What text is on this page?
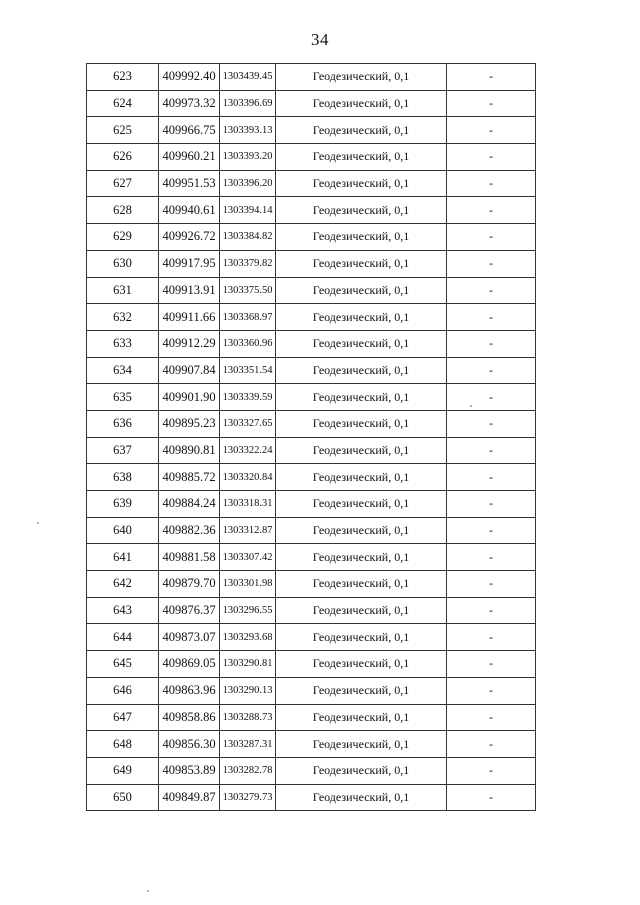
34
623	409992.40	1303439.45	Геодезический, 0,1	-
624	409973.32	1303396.69	Геодезический, 0,1	-
625	409966.75	1303393.13	Геодезический, 0,1	-
626	409960.21	1303393.20	Геодезический, 0,1	-
627	409951.53	1303396.20	Геодезический, 0,1	-
628	409940.61	1303394.14	Геодезический, 0,1	-
629	409926.72	1303384.82	Геодезический, 0,1	-
630	409917.95	1303379.82	Геодезический, 0,1	-
631	409913.91	1303375.50	Геодезический, 0,1	-
632	409911.66	1303368.97	Геодезический, 0,1	-
633	409912.29	1303360.96	Геодезический, 0,1	-
634	409907.84	1303351.54	Геодезический, 0,1	-
635	409901.90	1303339.59	Геодезический, 0,1	-
636	409895.23	1303327.65	Геодезический, 0,1	-
637	409890.81	1303322.24	Геодезический, 0,1	-
638	409885.72	1303320.84	Геодезический, 0,1	-
639	409884.24	1303318.31	Геодезический, 0,1	-
640	409882.36	1303312.87	Геодезический, 0,1	-
641	409881.58	1303307.42	Геодезический, 0,1	-
642	409879.70	1303301.98	Геодезический, 0,1	-
643	409876.37	1303296.55	Геодезический, 0,1	-
644	409873.07	1303293.68	Геодезический, 0,1	-
645	409869.05	1303290.81	Геодезический, 0,1	-
646	409863.96	1303290.13	Геодезический, 0,1	-
647	409858.86	1303288.73	Геодезический, 0,1	-
648	409856.30	1303287.31	Геодезический, 0,1	-
649	409853.89	1303282.78	Геодезический, 0,1	-
650	409849.87	1303279.73	Геодезический, 0,1	-
